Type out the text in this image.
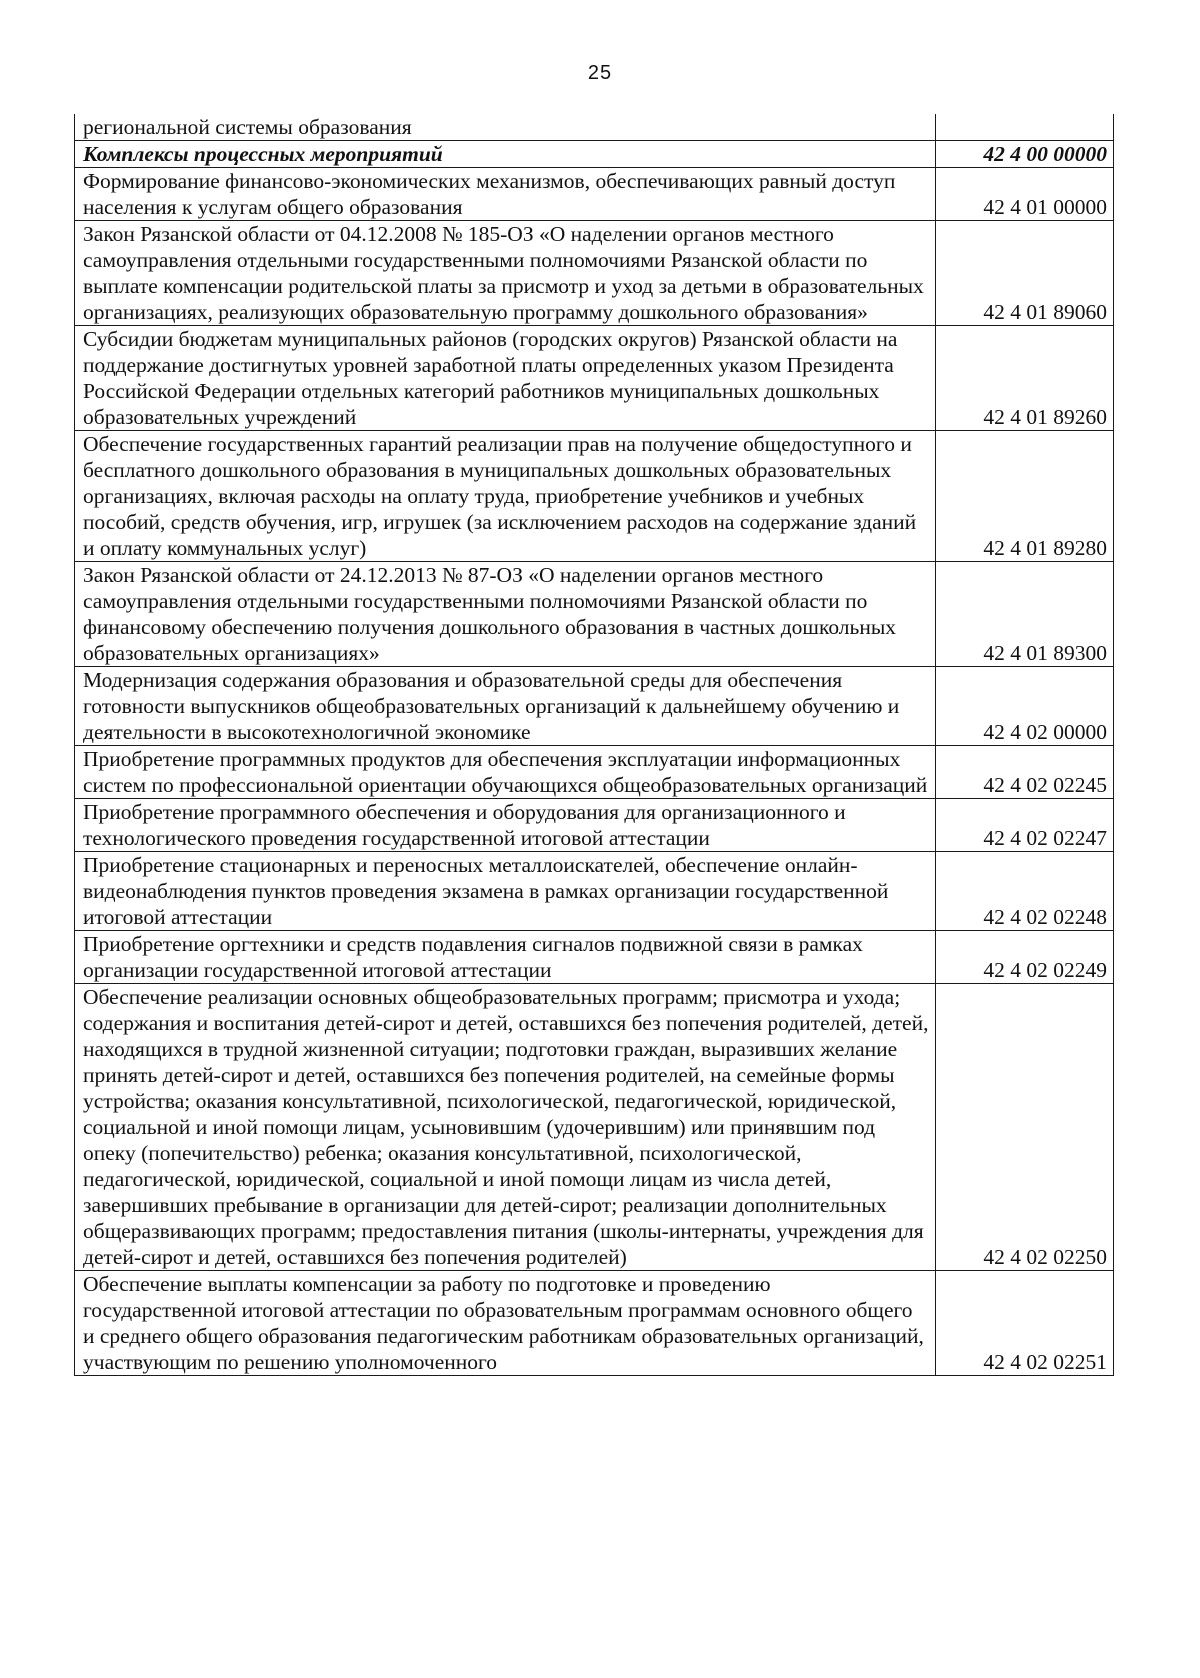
25
региональной системы образования	
Комплексы процессных мероприятий	42 4 00 00000
Формирование финансово-экономических механизмов, обеспечивающих равный доступ населения к услугам общего образования	42 4 01 00000
Закон Рязанской области от 04.12.2008 № 185-ОЗ «О наделении органов местного самоуправления отдельными государственными полномочиями Рязанской области по выплате компенсации родительской платы за присмотр и уход за детьми в образовательных организациях, реализующих образовательную программу дошкольного образования»	42 4 01 89060
Субсидии бюджетам муниципальных районов (городских округов) Рязанской области на поддержание достигнутых уровней заработной платы определенных указом Президента Российской Федерации отдельных категорий работников муниципальных дошкольных образовательных учреждений	42 4 01 89260
Обеспечение государственных гарантий реализации прав на получение общедоступного и бесплатного дошкольного образования в муниципальных дошкольных образовательных организациях, включая расходы на оплату труда, приобретение учебников и учебных пособий, средств обучения, игр, игрушек (за исключением расходов на содержание зданий и оплату коммунальных услуг)	42 4 01 89280
Закон Рязанской области от 24.12.2013 № 87-ОЗ «О наделении органов местного самоуправления отдельными государственными полномочиями Рязанской области по финансовому обеспечению получения дошкольного образования в частных дошкольных образовательных организациях»	42 4 01 89300
Модернизация содержания образования и образовательной среды для обеспечения готовности выпускников общеобразовательных организаций к дальнейшему обучению и деятельности в высокотехнологичной экономике	42 4 02 00000
Приобретение программных продуктов для обеспечения эксплуатации информационных систем по профессиональной ориентации обучающихся общеобразовательных организаций	42 4 02 02245
Приобретение программного обеспечения и оборудования для организационного и технологического проведения государственной итоговой аттестации	42 4 02 02247
Приобретение стационарных и переносных металлоискателей, обеспечение онлайн-видеонаблюдения пунктов проведения экзамена в рамках организации государственной итоговой аттестации	42 4 02 02248
Приобретение оргтехники и средств подавления сигналов подвижной связи в рамках организации государственной итоговой аттестации	42 4 02 02249
Обеспечение реализации основных общеобразовательных программ; присмотра и ухода; содержания и воспитания детей-сирот и детей, оставшихся без попечения родителей, детей, находящихся в трудной жизненной ситуации; подготовки граждан, выразивших желание принять детей-сирот и детей, оставшихся без попечения родителей, на семейные формы устройства; оказания консультативной, психологической, педагогической, юридической, социальной и иной помощи лицам, усыновившим (удочерившим) или принявшим под опеку (попечительство) ребенка; оказания консультативной, психологической, педагогической, юридической, социальной и иной помощи лицам из числа детей, завершивших пребывание в организации для детей-сирот; реализации дополнительных общеразвивающих программ; предоставления питания (школы-интернаты, учреждения для детей-сирот и детей, оставшихся без попечения родителей)	42 4 02 02250
Обеспечение выплаты компенсации за работу по подготовке и проведению государственной итоговой аттестации по образовательным программам основного общего и среднего общего образования педагогическим работникам образовательных организаций, участвующим по решению уполномоченного	42 4 02 02251
